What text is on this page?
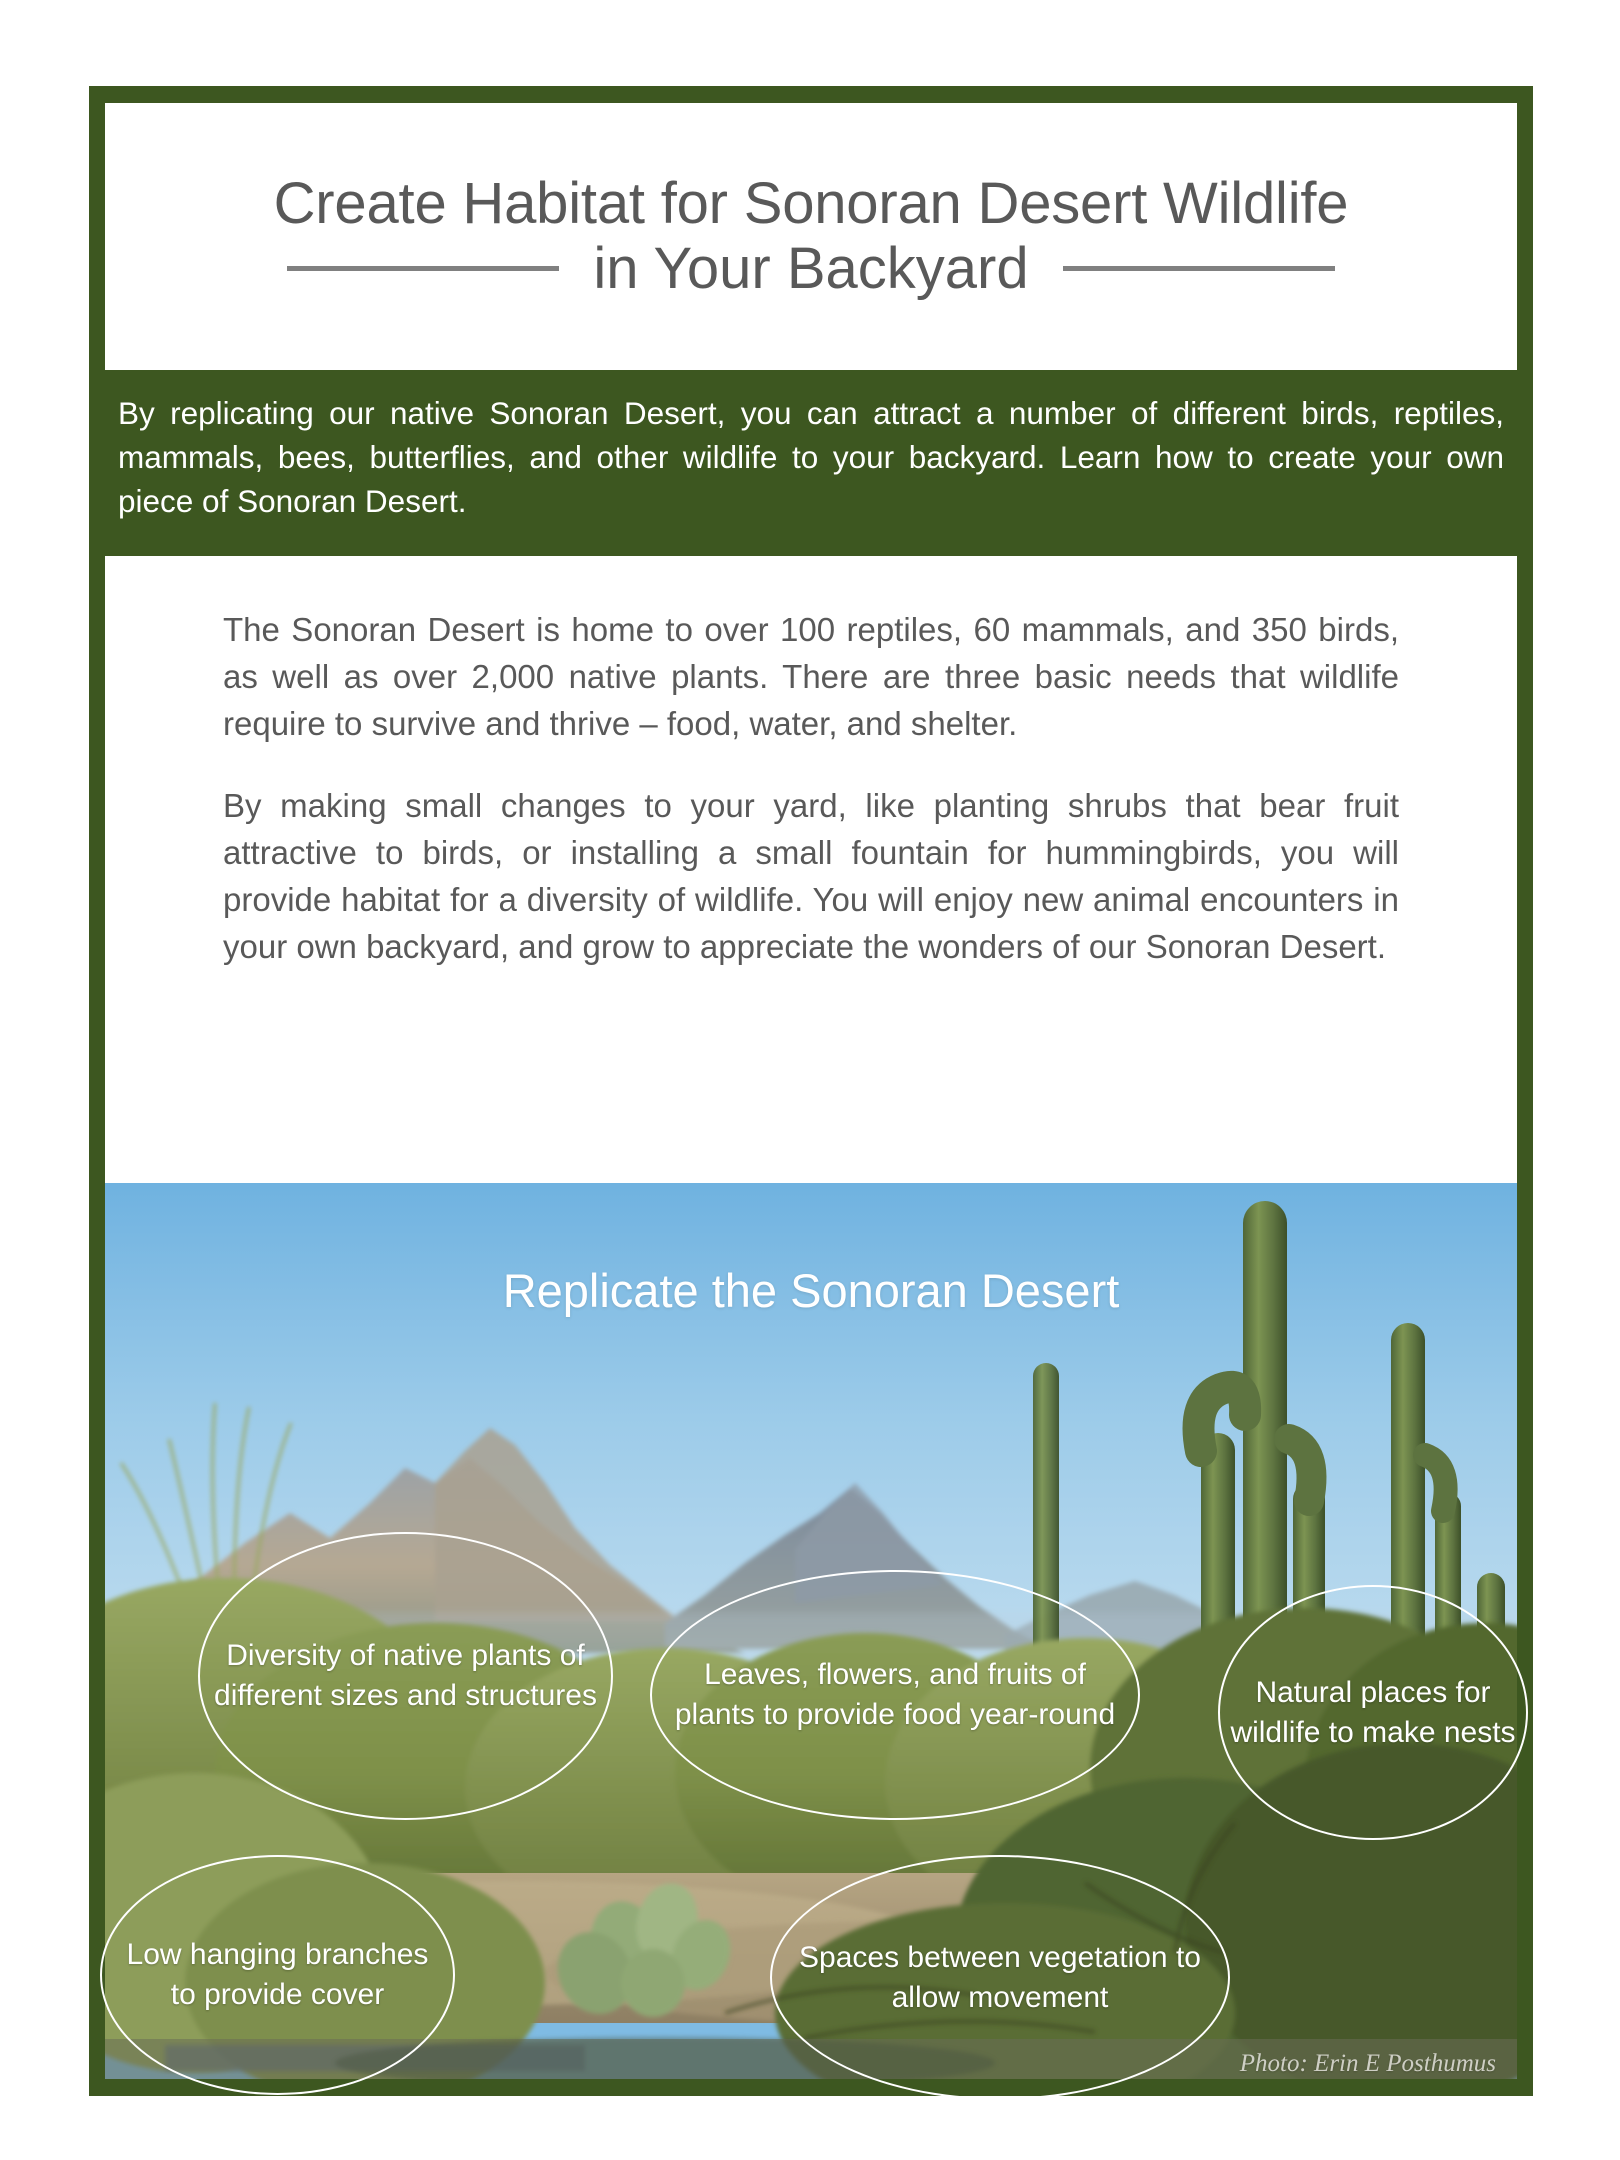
Create Habitat for Sonoran Desert Wildlife
in Your Backyard
By replicating our native Sonoran Desert, you can attract a number of different birds, reptiles, mammals, bees, butterflies, and other wildlife to your backyard. Learn how to create your own piece of Sonoran Desert.

The Sonoran Desert is home to over 100 reptiles, 60 mammals, and 350 birds, as well as over 2,000 native plants. There are three basic needs that wildlife require to survive and thrive – food, water, and shelter.

By making small changes to your yard, like planting shrubs that bear fruit attractive to birds, or installing a small fountain for hummingbirds, you will provide habitat for a diversity of wildlife. You will enjoy new animal encounters in your own backyard, and grow to appreciate the wonders of our Sonoran Desert.

Replicate the Sonoran Desert
Diversity of native plants of different sizes and structures
Leaves, flowers, and fruits of plants to provide food year-round
Natural places for wildlife to make nests
Low hanging branches to provide cover
Spaces between vegetation to allow movement
Photo: Erin E Posthumus
